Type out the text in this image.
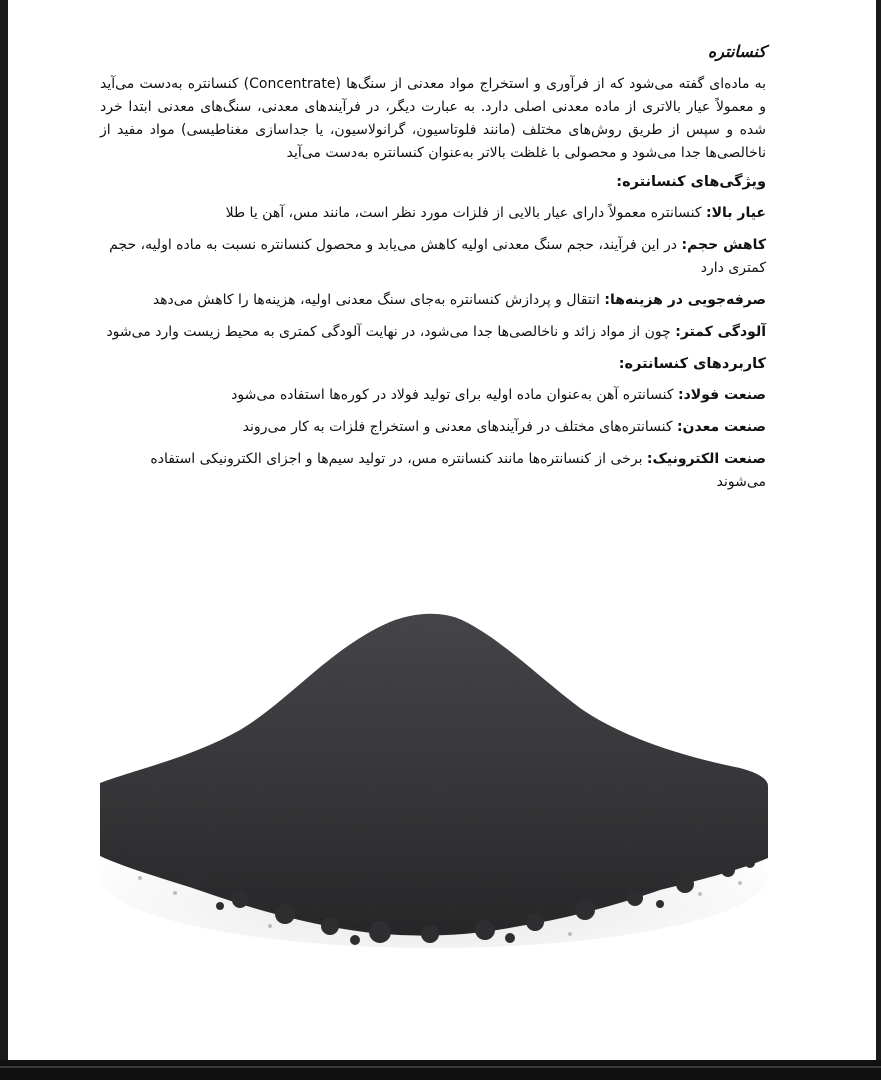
کنسانتره
به ماده‌ای گفته می‌شود که از فرآوری و استخراج مواد معدنی از سنگ‌ها (Concentrate) کنسانتره به‌دست می‌آید و معمولاً عیار بالاتری از ماده معدنی اصلی دارد. به عبارت دیگر، در فرآیندهای معدنی، سنگ‌های معدنی ابتدا خرد شده و سپس از طریق روش‌های مختلف (مانند فلوتاسیون، گرانولاسیون، یا جداسازی مغناطیسی) مواد مفید از ناخالصی‌ها جدا می‌شود و محصولی با غلظت بالاتر به‌عنوان کنسانتره به‌دست می‌آید
ویژگی‌های کنسانتره:
عیار بالا: کنسانتره معمولاً دارای عیار بالایی از فلزات مورد نظر است، مانند مس، آهن یا طلا
کاهش حجم: در این فرآیند، حجم سنگ معدنی اولیه کاهش می‌یابد و محصول کنسانتره نسبت به ماده اولیه، حجم کمتری دارد
صرفه‌جویی در هزینه‌ها: انتقال و پردازش کنسانتره به‌جای سنگ معدنی اولیه، هزینه‌ها را کاهش می‌دهد
آلودگی کمتر: چون از مواد زائد و ناخالصی‌ها جدا می‌شود، در نهایت آلودگی کمتری به محیط زیست وارد می‌شود
کاربردهای کنسانتره:
صنعت فولاد: کنسانتره آهن به‌عنوان ماده اولیه برای تولید فولاد در کوره‌ها استفاده می‌شود
صنعت معدن: کنسانتره‌های مختلف در فرآیندهای معدنی و استخراج فلزات به کار می‌روند
صنعت الکترونیک: برخی از کنسانتره‌ها مانند کنسانتره مس، در تولید سیم‌ها و اجزای الکترونیکی استفاده می‌شوند
